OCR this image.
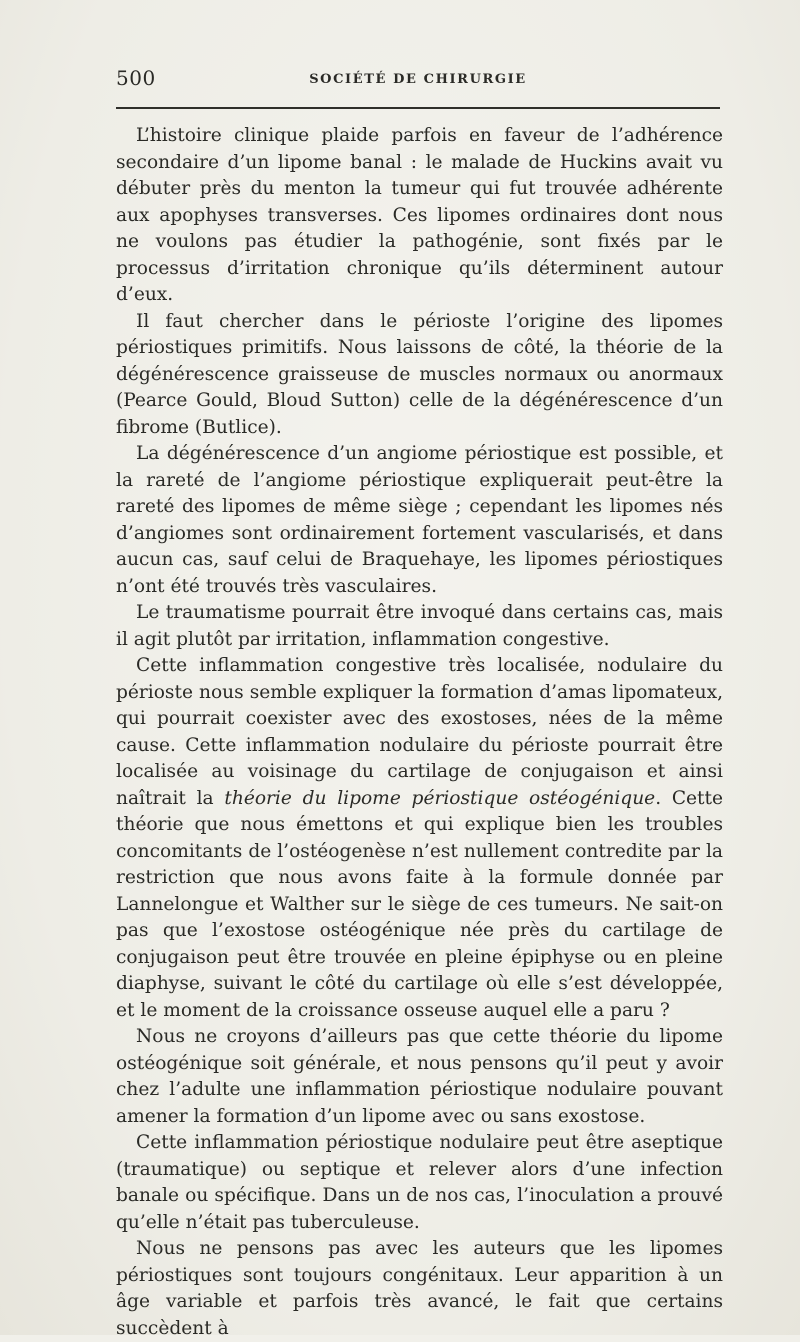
500	SOCIÉTÉ DE CHIRURGIE

L’histoire clinique plaide parfois en faveur de l’adhérence secondaire d’un lipome banal : le malade de Huckins avait vu débuter près du menton la tumeur qui fut trouvée adhérente aux apophyses transverses. Ces lipomes ordinaires dont nous ne voulons pas étudier la pathogénie, sont fixés par le processus d’irritation chronique qu’ils déterminent autour d’eux.

Il faut chercher dans le périoste l’origine des lipomes périostiques primitifs. Nous laissons de côté, la théorie de la dégénérescence graisseuse de muscles normaux ou anormaux (Pearce Gould, Bloud Sutton) celle de la dégénérescence d’un fibrome (Butlice).

La dégénérescence d’un angiome périostique est possible, et la rareté de l’angiome périostique expliquerait peut-être la rareté des lipomes de même siège ; cependant les lipomes nés d’angiomes sont ordinairement fortement vascularisés, et dans aucun cas, sauf celui de Braquehaye, les lipomes périostiques n’ont été trouvés très vasculaires.

Le traumatisme pourrait être invoqué dans certains cas, mais il agit plutôt par irritation, inflammation congestive.

Cette inflammation congestive très localisée, nodulaire du périoste nous semble expliquer la formation d’amas lipomateux, qui pourrait coexister avec des exostoses, nées de la même cause. Cette inflammation nodulaire du périoste pourrait être localisée au voisinage du cartilage de conjugaison et ainsi naîtrait la théorie du lipome périostique ostéogénique. Cette théorie que nous émettons et qui explique bien les troubles concomitants de l’ostéogenèse n’est nullement contredite par la restriction que nous avons faite à la formule donnée par Lannelongue et Walther sur le siège de ces tumeurs. Ne sait-on pas que l’exostose ostéogénique née près du cartilage de conjugaison peut être trouvée en pleine épiphyse ou en pleine diaphyse, suivant le côté du cartilage où elle s’est développée, et le moment de la croissance osseuse auquel elle a paru ?

Nous ne croyons d’ailleurs pas que cette théorie du lipome ostéogénique soit générale, et nous pensons qu’il peut y avoir chez l’adulte une inflammation périostique nodulaire pouvant amener la formation d’un lipome avec ou sans exostose.

Cette inflammation périostique nodulaire peut être aseptique (traumatique) ou septique et relever alors d’une infection banale ou spécifique. Dans un de nos cas, l’inoculation a prouvé qu’elle n’était pas tuberculeuse.

Nous ne pensons pas avec les auteurs que les lipomes périostiques sont toujours congénitaux. Leur apparition à un âge variable et parfois très avancé, le fait que certains succèdent à
